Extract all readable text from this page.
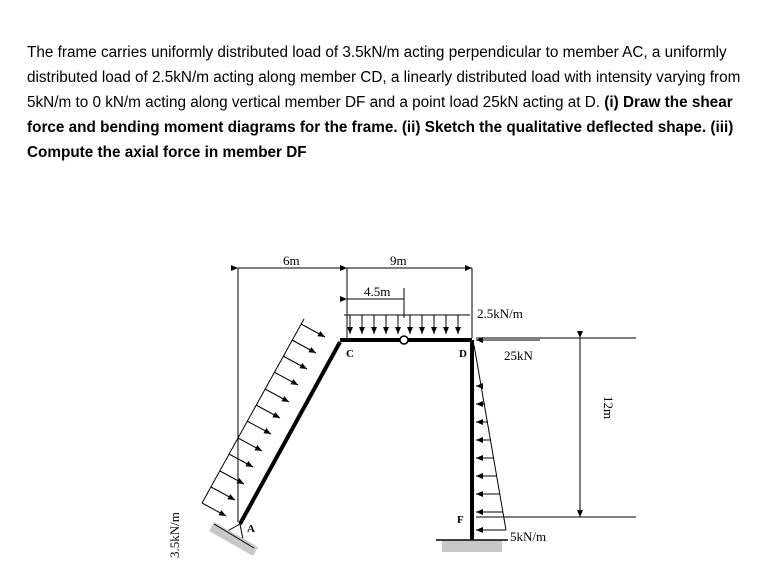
The frame carries uniformly distributed load of 3.5kN/m acting perpendicular to member AC, a uniformly distributed load of 2.5kN/m acting along member CD, a linearly distributed load with intensity varying from 5kN/m to 0 kN/m acting along vertical member DF and a point load 25kN acting at D. (i) Draw the shear force and bending moment diagrams for the frame. (ii) Sketch the qualitative deflected shape. (iii) Compute the axial force in member DF

6m	9m
4.5m
2.5kN/m
C	D	25kN
A
F
5kN/m
12m
3.5kN/m
